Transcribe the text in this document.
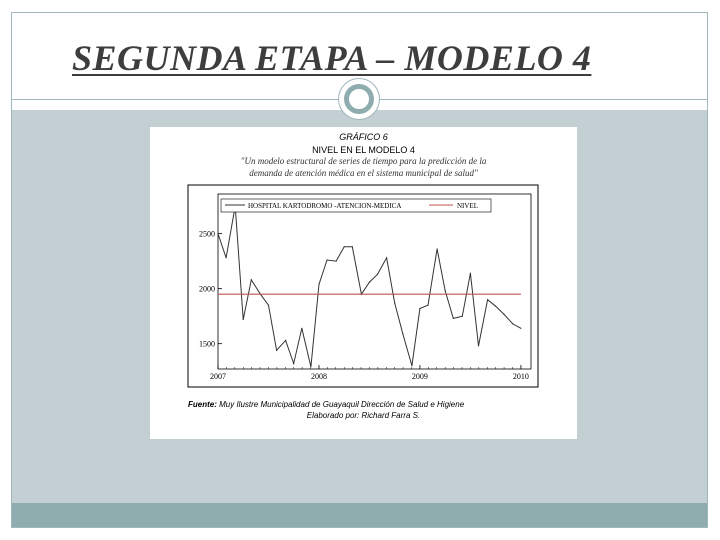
SEGUNDA ETAPA – MODELO 4

GRÁFICO 6

NIVEL EN EL MODELO 4

"Un modelo estructural de series de tiempo para la predicción de la

demanda de atención médica en el sistema municipal de salud"

1500
2000
2500
2007	2008	2009	2010
HOSPITAL KARTODROMO -ATENCION-MEDICA	NIVEL

Fuente: Muy Ilustre Municipalidad de Guayaquil Dirección de Salud e Higiene

Elaborado por: Richard Farra S.
